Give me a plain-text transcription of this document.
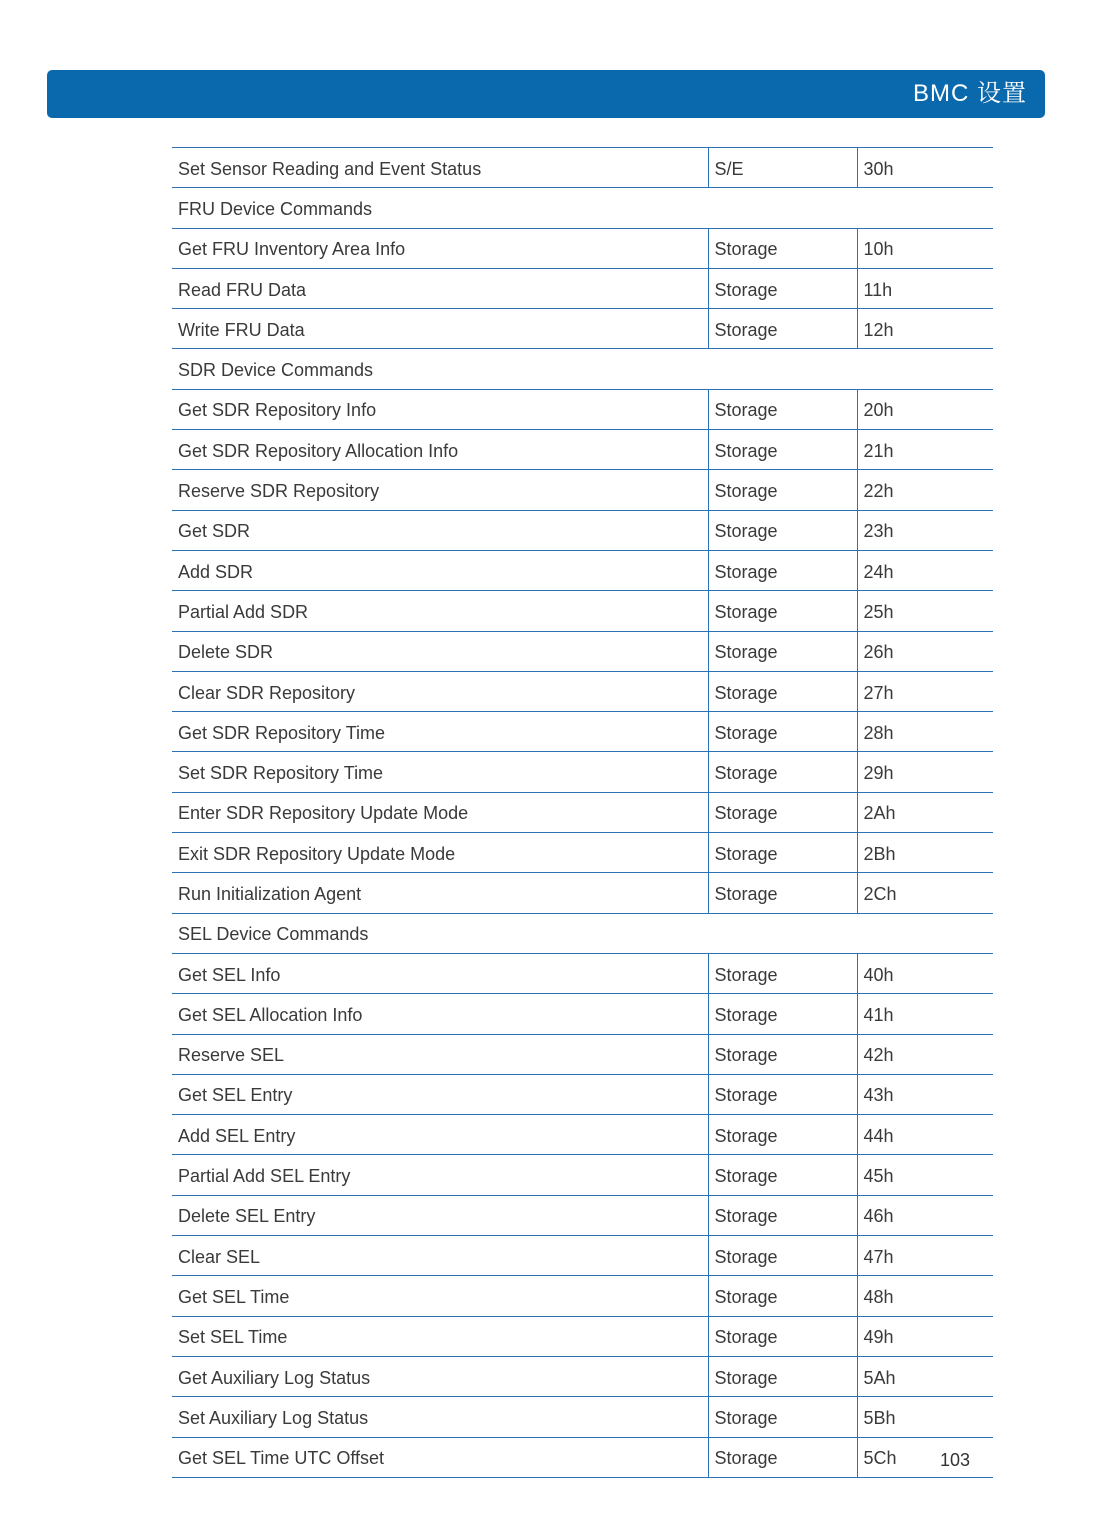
BMC 设置
Set Sensor Reading and Event Status	S/E	30h
FRU Device Commands		
Get FRU Inventory Area Info	Storage	10h
Read FRU Data	Storage	11h
Write FRU Data	Storage	12h
SDR Device Commands		
Get SDR Repository Info	Storage	20h
Get SDR Repository Allocation Info	Storage	21h
Reserve SDR Repository	Storage	22h
Get SDR	Storage	23h
Add SDR	Storage	24h
Partial Add SDR	Storage	25h
Delete SDR	Storage	26h
Clear SDR Repository	Storage	27h
Get SDR Repository Time	Storage	28h
Set SDR Repository Time	Storage	29h
Enter SDR Repository Update Mode	Storage	2Ah
Exit SDR Repository Update Mode	Storage	2Bh
Run Initialization Agent	Storage	2Ch
SEL Device Commands		
Get SEL Info	Storage	40h
Get SEL Allocation Info	Storage	41h
Reserve SEL	Storage	42h
Get SEL Entry	Storage	43h
Add SEL Entry	Storage	44h
Partial Add SEL Entry	Storage	45h
Delete SEL Entry	Storage	46h
Clear SEL	Storage	47h
Get SEL Time	Storage	48h
Set SEL Time	Storage	49h
Get Auxiliary Log Status	Storage	5Ah
Set Auxiliary Log Status	Storage	5Bh
Get SEL Time UTC Offset	Storage	5Ch 103
